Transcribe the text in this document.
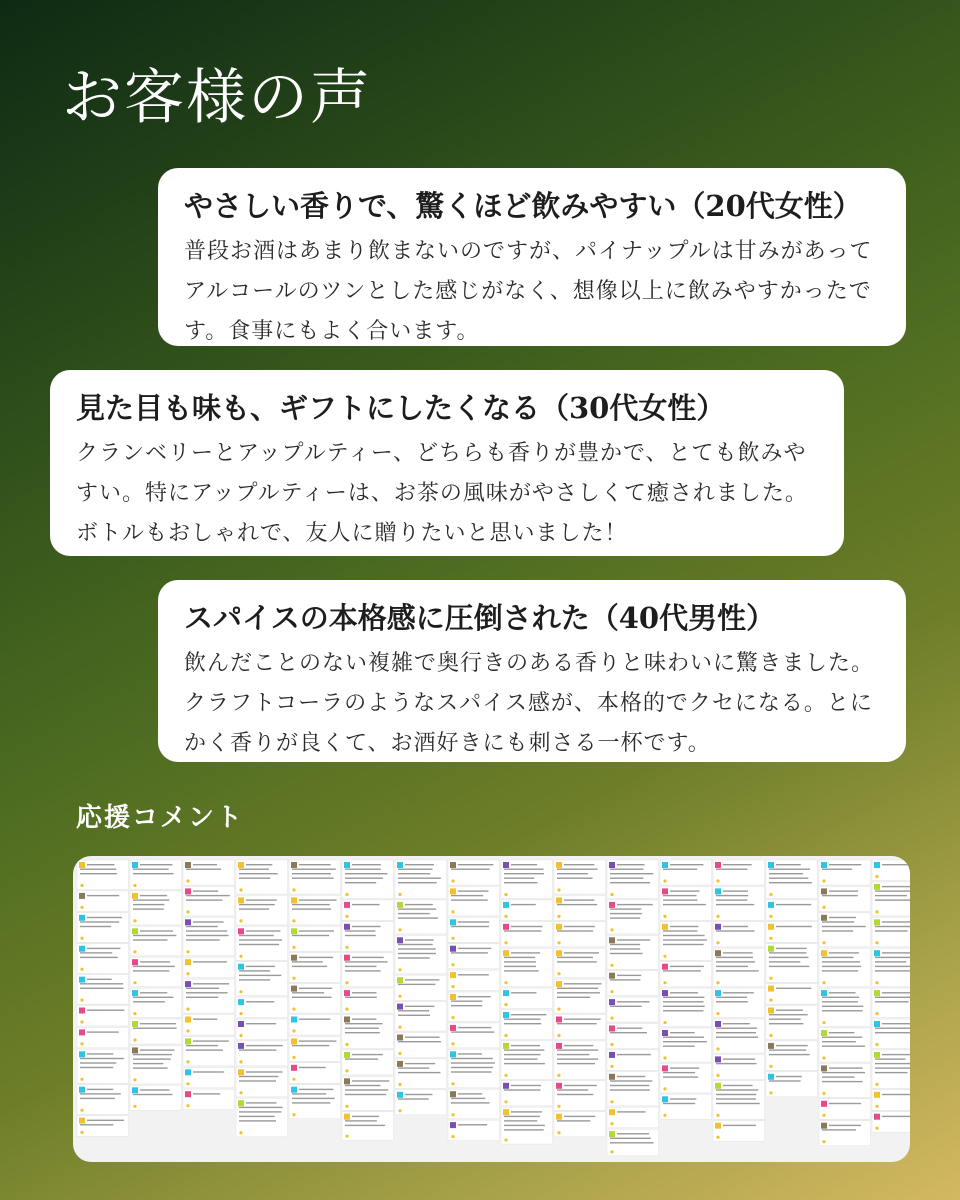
お客様の声
やさしい香りで、驚くほど飲みやすい（20代女性）

普段お酒はあまり飲まないのですが、パイナップルは甘みがあってアルコールのツンとした感じがなく、想像以上に飲みやすかったです。食事にもよく合います。

見た目も味も、ギフトにしたくなる（30代女性）

クランベリーとアップルティー、どちらも香りが豊かで、とても飲みやすい。特にアップルティーは、お茶の風味がやさしくて癒されました。ボトルもおしゃれで、友人に贈りたいと思いました！

スパイスの本格感に圧倒された（40代男性）

飲んだことのない複雑で奥行きのある香りと味わいに驚きました。クラフトコーラのようなスパイス感が、本格的でクセになる。とにかく香りが良くて、お酒好きにも刺さる一杯です。

応援コメント
